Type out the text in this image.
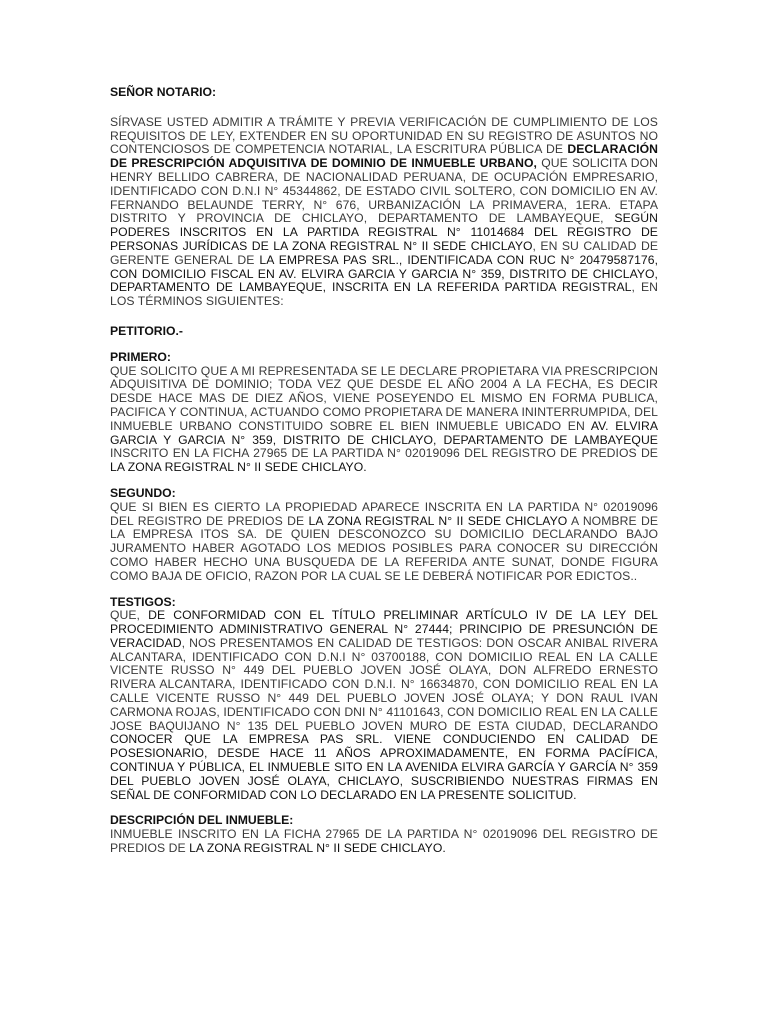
SEÑOR NOTARIO:

SÍRVASE USTED ADMITIR A TRÁMITE Y PREVIA VERIFICACIÓN DE CUMPLIMIENTO DE LOS REQUISITOS DE LEY, EXTENDER EN SU OPORTUNIDAD EN SU REGISTRO DE ASUNTOS NO CONTENCIOSOS DE COMPETENCIA NOTARIAL, LA ESCRITURA PÚBLICA DE DECLARACIÓN DE PRESCRIPCIÓN ADQUISITIVA DE DOMINIO DE INMUEBLE URBANO, QUE SOLICITA DON HENRY BELLIDO CABRERA, DE NACIONALIDAD PERUANA, DE OCUPACIÓN EMPRESARIO, IDENTIFICADO CON D.N.I N° 45344862, DE ESTADO CIVIL SOLTERO, CON DOMICILIO EN AV. FERNANDO BELAUNDE TERRY, N° 676, URBANIZACIÓN LA PRIMAVERA, 1ERA. ETAPA DISTRITO Y PROVINCIA DE CHICLAYO, DEPARTAMENTO DE LAMBAYEQUE, SEGÚN PODERES INSCRITOS EN LA PARTIDA REGISTRAL N° 11014684 DEL REGISTRO DE PERSONAS JURÍDICAS DE LA ZONA REGISTRAL N° II SEDE CHICLAYO, EN SU CALIDAD DE GERENTE GENERAL DE LA EMPRESA PAS SRL., IDENTIFICADA CON RUC N° 20479587176, CON DOMICILIO FISCAL EN AV. ELVIRA GARCIA Y GARCIA N° 359, DISTRITO DE CHICLAYO, DEPARTAMENTO DE LAMBAYEQUE, INSCRITA EN LA REFERIDA PARTIDA REGISTRAL, EN LOS TÉRMINOS SIGUIENTES:

PETITORIO.-

PRIMERO:

QUE SOLICITO QUE A MI REPRESENTADA SE LE DECLARE PROPIETARA VIA PRESCRIPCION ADQUISITIVA DE DOMINIO; TODA VEZ QUE DESDE EL AÑO 2004 A LA FECHA, ES DECIR DESDE HACE MAS DE DIEZ AÑOS, VIENE POSEYENDO EL MISMO EN FORMA PUBLICA, PACIFICA Y CONTINUA, ACTUANDO COMO PROPIETARA DE MANERA ININTERRUMPIDA, DEL INMUEBLE URBANO CONSTITUIDO SOBRE EL BIEN INMUEBLE UBICADO EN AV. ELVIRA GARCIA Y GARCIA N° 359, DISTRITO DE CHICLAYO, DEPARTAMENTO DE LAMBAYEQUE INSCRITO EN LA FICHA 27965 DE LA PARTIDA N° 02019096 DEL REGISTRO DE PREDIOS DE LA ZONA REGISTRAL N° II SEDE CHICLAYO.

SEGUNDO:

QUE SI BIEN ES CIERTO LA PROPIEDAD APARECE INSCRITA EN LA PARTIDA N° 02019096 DEL REGISTRO DE PREDIOS DE LA ZONA REGISTRAL N° II SEDE CHICLAYO A NOMBRE DE LA EMPRESA ITOS SA. DE QUIEN DESCONOZCO SU DOMICILIO DECLARANDO BAJO JURAMENTO HABER AGOTADO LOS MEDIOS POSIBLES PARA CONOCER SU DIRECCIÓN COMO HABER HECHO UNA BUSQUEDA DE LA REFERIDA ANTE SUNAT, DONDE FIGURA COMO BAJA DE OFICIO, RAZON POR LA CUAL SE LE DEBERÁ NOTIFICAR POR EDICTOS..

TESTIGOS:

QUE, DE CONFORMIDAD CON EL TÍTULO PRELIMINAR ARTÍCULO IV DE LA LEY DEL PROCEDIMIENTO ADMINISTRATIVO GENERAL N° 27444; PRINCIPIO DE PRESUNCIÓN DE VERACIDAD, NOS PRESENTAMOS EN CALIDAD DE TESTIGOS: DON OSCAR ANIBAL RIVERA ALCANTARA, IDENTIFICADO CON D.N.I N° 03700188, CON DOMICILIO REAL EN LA CALLE VICENTE RUSSO N° 449 DEL PUEBLO JOVEN JOSÉ OLAYA, DON ALFREDO ERNESTO RIVERA ALCANTARA, IDENTIFICADO CON D.N.I. N° 16634870, CON DOMICILIO REAL EN LA CALLE VICENTE RUSSO N° 449 DEL PUEBLO JOVEN JOSÉ OLAYA; Y DON RAUL IVAN CARMONA ROJAS, IDENTIFICADO CON DNI N° 41101643, CON DOMICILIO REAL EN LA CALLE JOSE BAQUIJANO N° 135 DEL PUEBLO JOVEN MURO DE ESTA CIUDAD, DECLARANDO CONOCER QUE LA EMPRESA PAS SRL. VIENE CONDUCIENDO EN CALIDAD DE POSESIONARIO, DESDE HACE 11 AÑOS APROXIMADAMENTE, EN FORMA PACÍFICA, CONTINUA Y PÚBLICA, EL INMUEBLE SITO EN LA AVENIDA ELVIRA GARCÍA Y GARCÍA N° 359 DEL PUEBLO JOVEN JOSÉ OLAYA, CHICLAYO, SUSCRIBIENDO NUESTRAS FIRMAS EN SEÑAL DE CONFORMIDAD CON LO DECLARADO EN LA PRESENTE SOLICITUD.

DESCRIPCIÓN DEL INMUEBLE:

INMUEBLE INSCRITO EN LA FICHA 27965 DE LA PARTIDA N° 02019096 DEL REGISTRO DE PREDIOS DE LA ZONA REGISTRAL N° II SEDE CHICLAYO.
